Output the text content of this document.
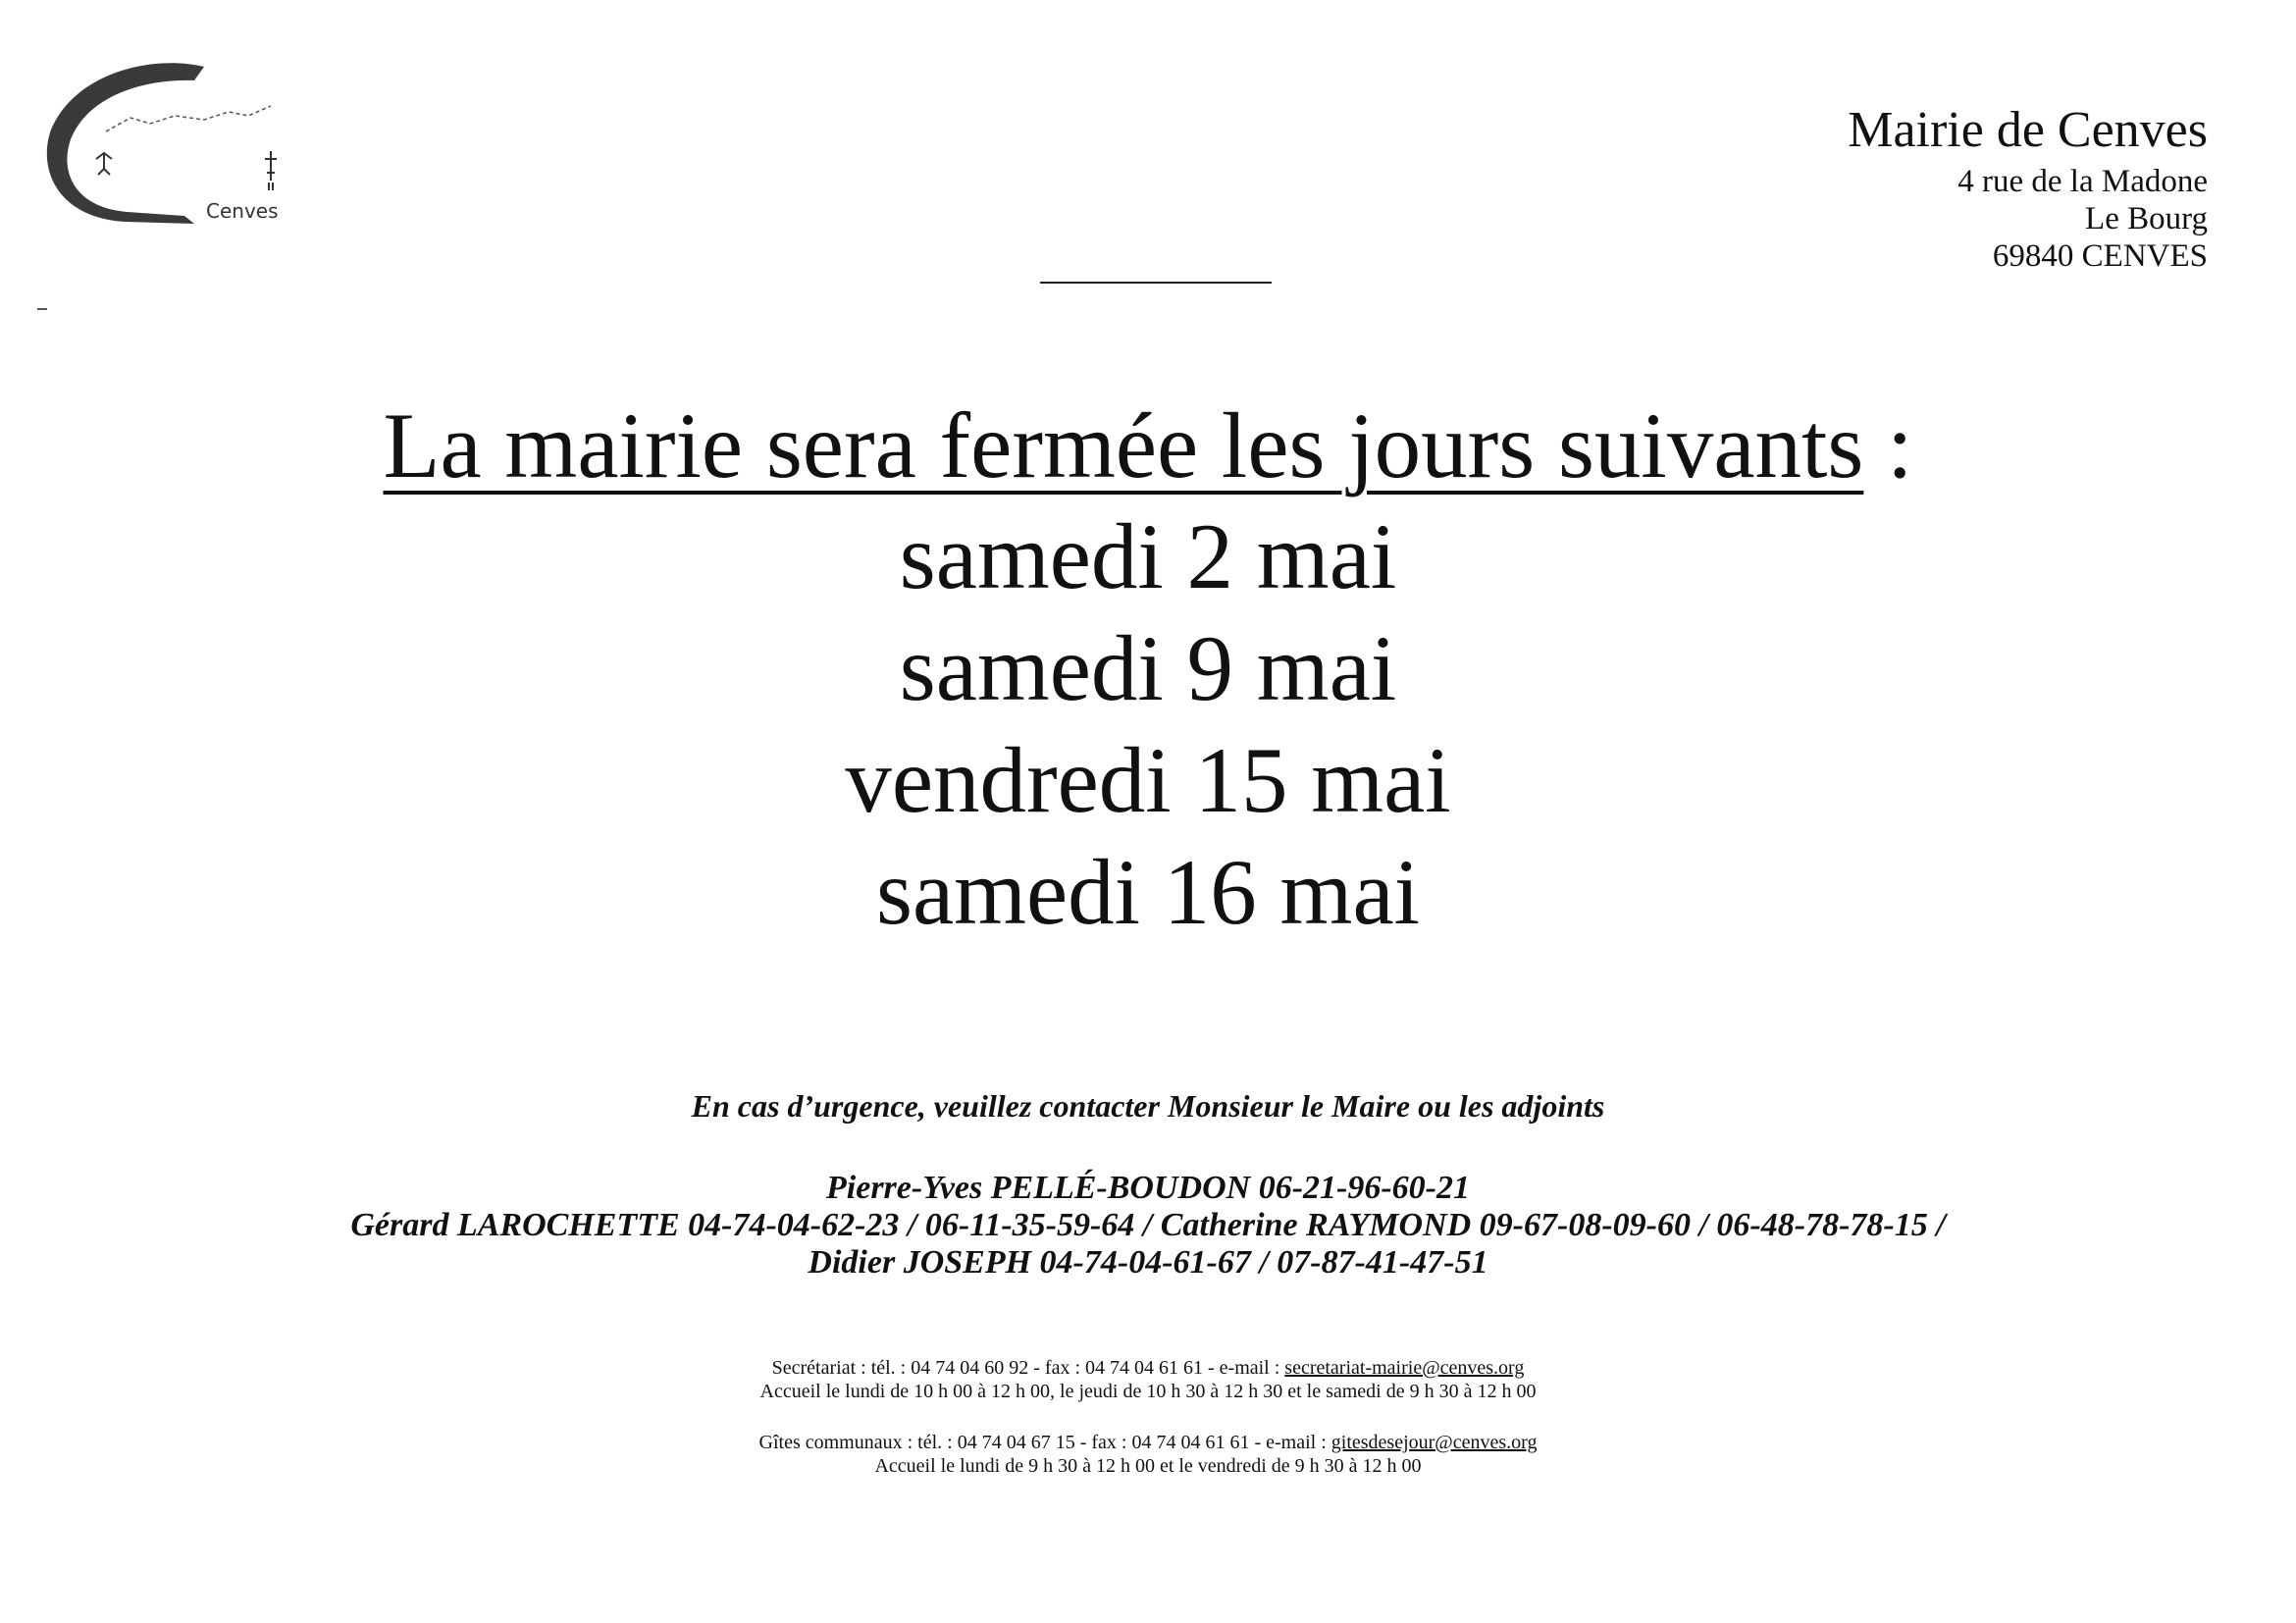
Cenves
Mairie de Cenves
4 rue de la Madone
Le Bourg
69840 CENVES
La mairie sera fermée les jours suivants :
samedi 2 mai
samedi 9 mai
vendredi 15 mai
samedi 16 mai
En cas d’urgence, veuillez contacter Monsieur le Maire ou les adjoints
Pierre-Yves PELLÉ-BOUDON 06-21-96-60-21
Gérard LAROCHETTE 04-74-04-62-23 / 06-11-35-59-64 / Catherine RAYMOND 09-67-08-09-60 / 06-48-78-78-15 /
Didier JOSEPH 04-74-04-61-67 / 07-87-41-47-51
Secrétariat : tél. : 04 74 04 60 92 - fax : 04 74 04 61 61 - e-mail : secretariat-mairie@cenves.org
Accueil le lundi de 10 h 00 à 12 h 00, le jeudi de 10 h 30 à 12 h 30 et le samedi de 9 h 30 à 12 h 00
Gîtes communaux : tél. : 04 74 04 67 15 - fax : 04 74 04 61 61 - e-mail : gitesdesejour@cenves.org
Accueil le lundi de 9 h 30 à 12 h 00 et le vendredi de 9 h 30 à 12 h 00
